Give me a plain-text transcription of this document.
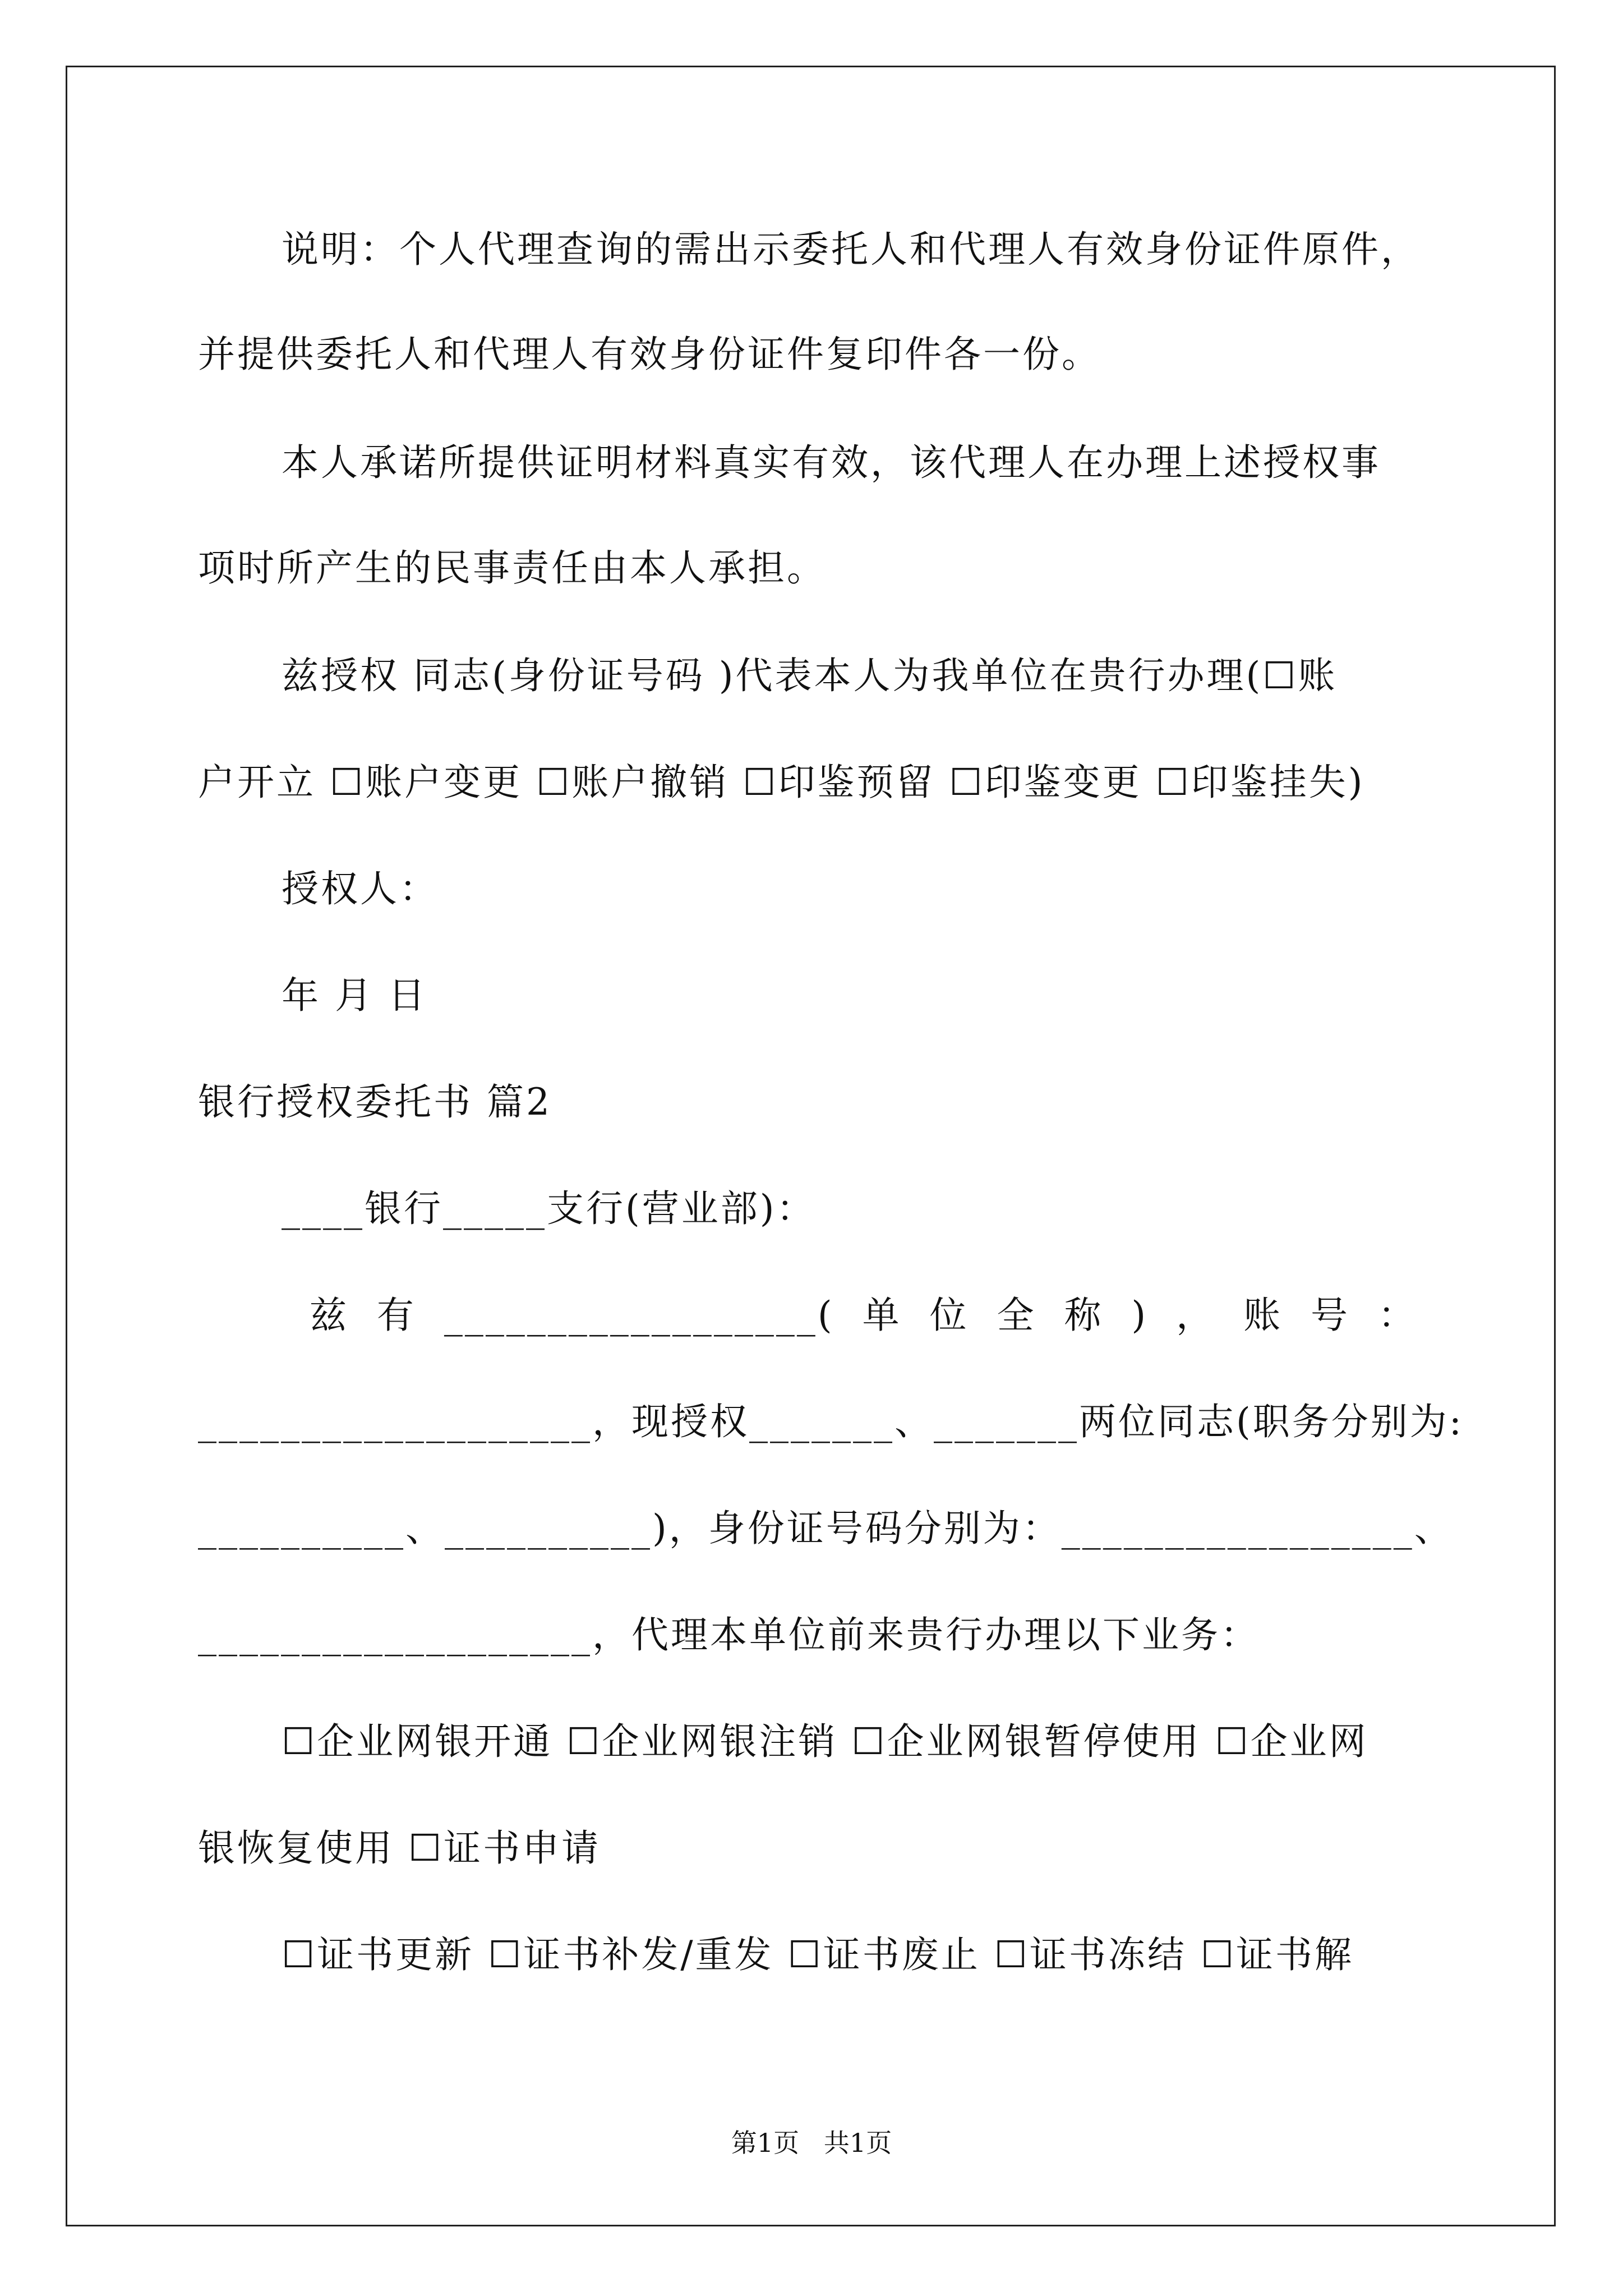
说明：个人代理查询的需出示委托人和代理人有效身份证件原件，
并提供委托人和代理人有效身份证件复印件各一份。
本人承诺所提供证明材料真实有效，该代理人在办理上述授权事
项时所产生的民事责任由本人承担。
兹授权 同志(身份证号码 )代表本人为我单位在贵行办理(☐账
户开立 ☐账户变更 ☐账户撤销 ☐印鉴预留 ☐印鉴变更 ☐印鉴挂失)
授权人：
年 月 日
银行授权委托书 篇2
____银行_____支行(营业部)：
兹  有  __________________(  单  位  全  称  )  ，  账  号  ：
___________________，现授权_______、_______两位同志(职务分别为:
__________、__________)，身份证号码分别为：_________________、
___________________，代理本单位前来贵行办理以下业务：
☐企业网银开通 ☐企业网银注销 ☐企业网银暂停使用 ☐企业网
银恢复使用 ☐证书申请
☐证书更新 ☐证书补发/重发 ☐证书废止 ☐证书冻结 ☐证书解
第1页   共1页
